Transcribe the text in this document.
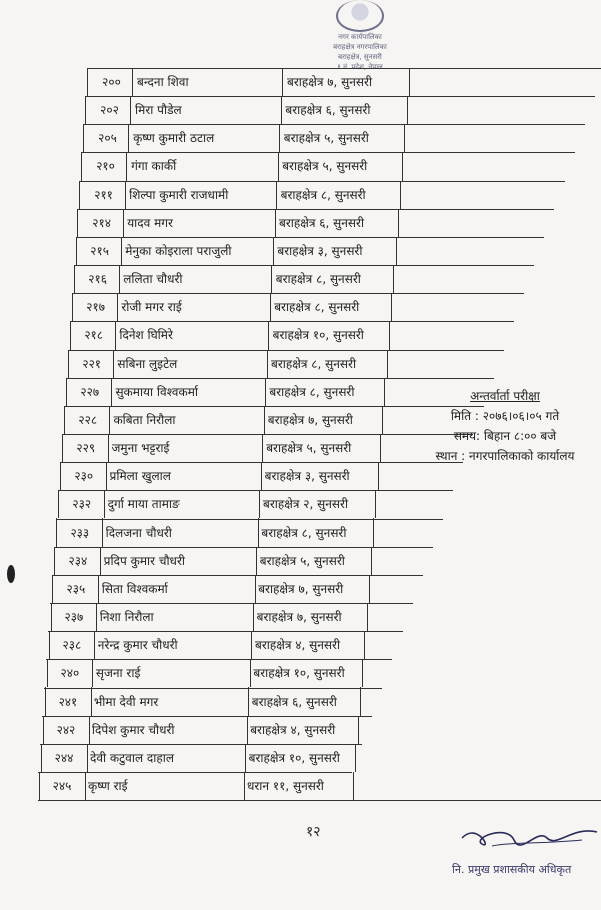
नगर कार्यपालिका
बराहक्षेत्र नगरपालिका
बराहक्षेत्र, सुनसरी
१ नं. प्रदेश, नेपाल
२००	बन्दना शिवा	बराहक्षेत्र ७, सुनसरी
२०२	मिरा पौडेल	बराहक्षेत्र ६, सुनसरी
२०५	कृष्ण कुमारी ठटाल	बराहक्षेत्र ५, सुनसरी
२१०	गंगा कार्की	बराहक्षेत्र ५, सुनसरी
२११	शिल्पा कुमारी राजधामी	बराहक्षेत्र ८, सुनसरी
२१४	यादव मगर	बराहक्षेत्र ६, सुनसरी
२१५	मेनुका कोइराला पराजुली	बराहक्षेत्र ३, सुनसरी
२१६	ललिता चौधरी	बराहक्षेत्र ८, सुनसरी
२१७	रोजी मगर राई	बराहक्षेत्र ८, सुनसरी
२१८	दिनेश घिमिरे	बराहक्षेत्र १०, सुनसरी
२२१	सबिना लुइटेल	बराहक्षेत्र ८, सुनसरी
२२७	सुकमाया विश्वकर्मा	बराहक्षेत्र ८, सुनसरी
२२८	कबिता निरौला	बराहक्षेत्र ७, सुनसरी
२२९	जमुना भट्टराई	बराहक्षेत्र ५, सुनसरी
२३०	प्रमिला खुलाल	बराहक्षेत्र ३, सुनसरी
२३२	दुर्गा माया तामाङ	बराहक्षेत्र २, सुनसरी
२३३	दिलजना चौधरी	बराहक्षेत्र ८, सुनसरी
२३४	प्रदिप कुमार चौधरी	बराहक्षेत्र ५, सुनसरी
२३५	सिता विश्वकर्मा	बराहक्षेत्र ७, सुनसरी
२३७	निशा निरौला	बराहक्षेत्र ७, सुनसरी
२३८	नरेन्द्र कुमार चौधरी	बराहक्षेत्र ४, सुनसरी
२४०	सृजना राई	बराहक्षेत्र १०, सुनसरी
२४१	भीमा देवी मगर	बराहक्षेत्र ६, सुनसरी
२४२	दिपेश कुमार चौधरी	बराहक्षेत्र ४, सुनसरी
२४४	देवी कटुवाल दाहाल	बराहक्षेत्र १०, सुनसरी
२४५	कृष्ण राई	धरान ११, सुनसरी
अन्तर्वार्ता परीक्षा
मिति : २०७६।०६।०५ गते
समय: बिहान ८:०० बजे
स्थान : नगरपालिकाको कार्यालय
१२
नि. प्रमुख प्रशासकीय अधिकृत
